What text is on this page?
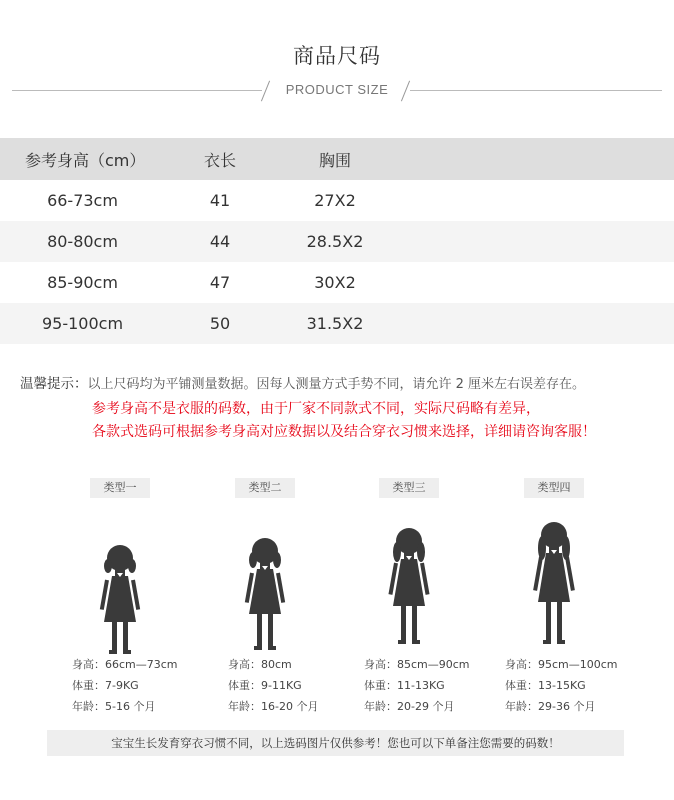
商品尺码
PRODUCT SIZE
参考身高（cm）	衣长	胸围
66-73cm	41	27X2
80-80cm	44	28.5X2
85-90cm	47	30X2
95-100cm	50	31.5X2
温馨提示：以上尺码均为平铺测量数据。因每人测量方式手势不同，请允许 2 厘米左右误差存在。
参考身高不是衣服的码数，由于厂家不同款式不同，实际尺码略有差异，
各款式选码可根据参考身高对应数据以及结合穿衣习惯来选择，详细请咨询客服！
类型一	类型二	类型三	类型四
身高：66cm—73cm
体重：7-9KG
年龄：5-16 个月
身高：80cm
体重：9-11KG
年龄：16-20 个月
身高：85cm—90cm
体重：11-13KG
年龄：20-29 个月
身高：95cm—100cm
体重：13-15KG
年龄：29-36 个月
宝宝生长发育穿衣习惯不同，以上选码图片仅供参考！您也可以下单备注您需要的码数！
